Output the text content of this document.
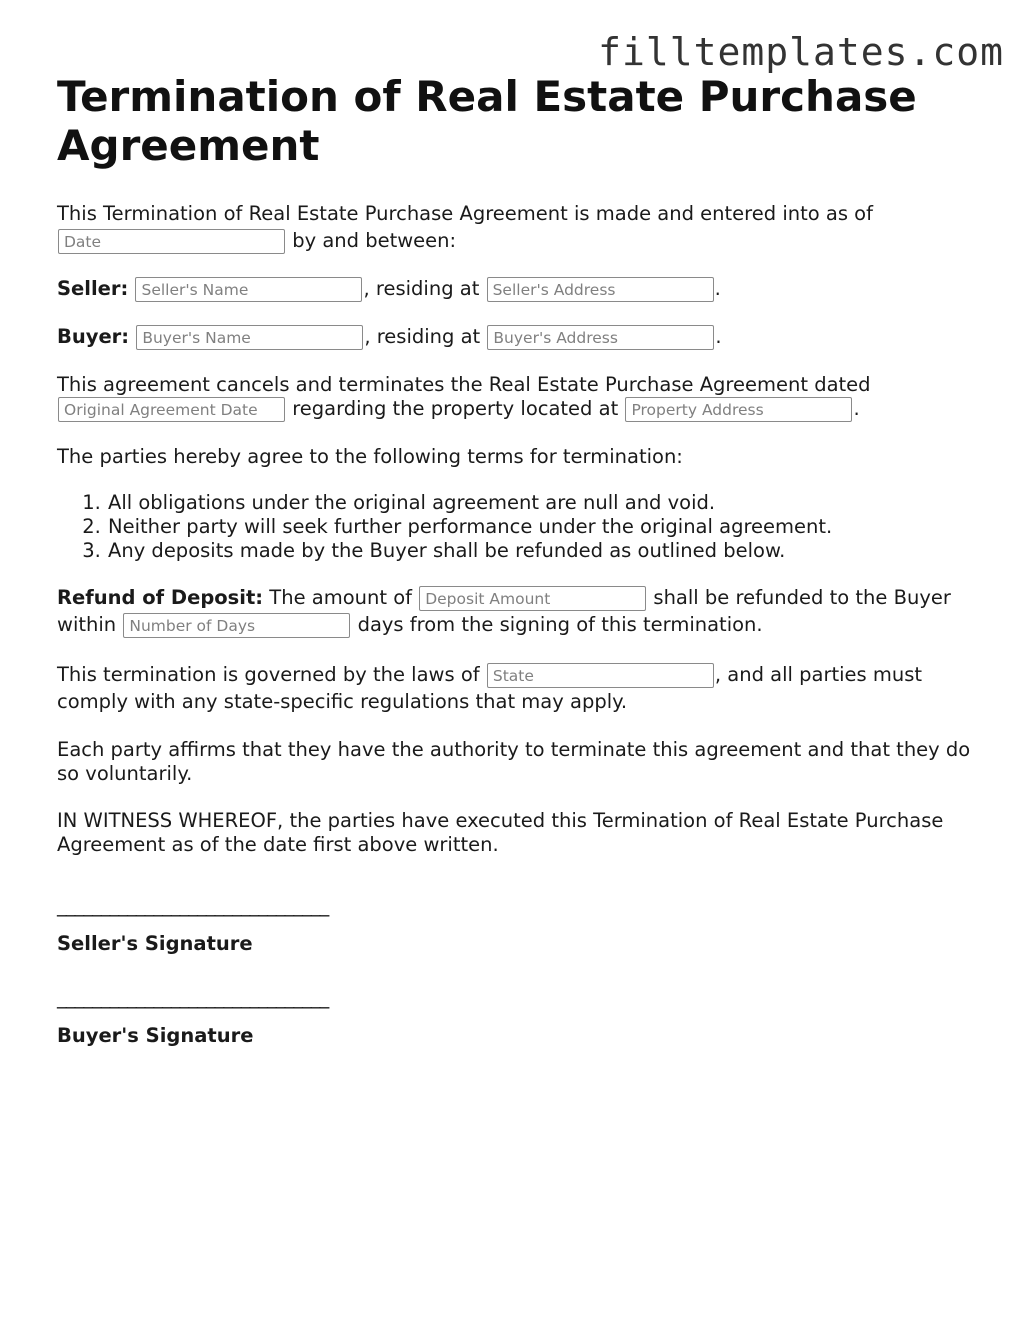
filltemplates.com
Termination of Real Estate Purchase Agreement

This Termination of Real Estate Purchase Agreement is made and entered into as of
Date by and between:

Seller: Seller's Name	, residing at Seller's Address	.

Buyer: Buyer's Name	, residing at Buyer's Address	.

This agreement cancels and terminates the Real Estate Purchase Agreement dated
Original Agreement Date regarding the property located at Property Address	.

The parties hereby agree to the following terms for termination:

1. All obligations under the original agreement are null and void.
2. Neither party will seek further performance under the original agreement.
3. Any deposits made by the Buyer shall be refunded as outlined below.

Refund of Deposit: The amount of Deposit Amount	shall be refunded to the Buyer within Number of Days	days from the signing of this termination.

This termination is governed by the laws of State	, and all parties must comply with any state-specific regulations that may apply.

Each party affirms that they have the authority to terminate this agreement and that they do so voluntarily.

IN WITNESS WHEREOF, the parties have executed this Termination of Real Estate Purchase Agreement as of the date first above written.

_______________________________
Seller's Signature
_______________________________
Buyer's Signature
